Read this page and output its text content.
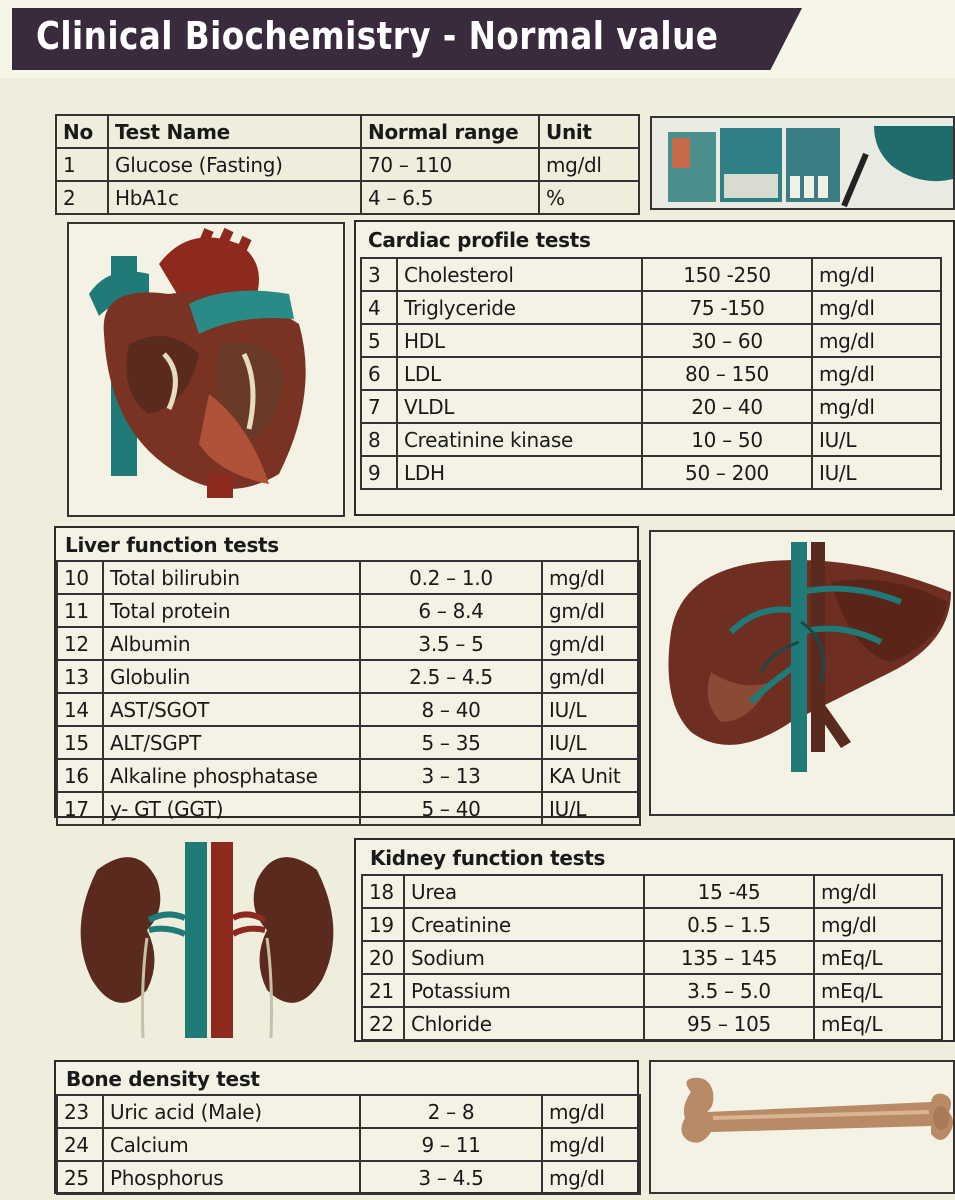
Clinical Biochemistry - Normal value
No	Test Name	Normal range	Unit
1	Glucose (Fasting)	70 – 110	mg/dl
2	HbA1c	4 – 6.5	%
Cardiac profile tests
3	Cholesterol	150 -250	mg/dl
4	Triglyceride	75 -150	mg/dl
5	HDL	30 – 60	mg/dl
6	LDL	80 – 150	mg/dl
7	VLDL	20 – 40	mg/dl
8	Creatinine kinase	10 – 50	IU/L
9	LDH	50 – 200	IU/L
Liver function tests
10	Total bilirubin	0.2 – 1.0	mg/dl
11	Total protein	6 – 8.4	gm/dl
12	Albumin	3.5 – 5	gm/dl
13	Globulin	2.5 – 4.5	gm/dl
14	AST/SGOT	8 – 40	IU/L
15	ALT/SGPT	5 – 35	IU/L
16	Alkaline phosphatase	3 – 13	KA Unit
17	y- GT (GGT)	5 – 40	IU/L
Kidney function tests
18	Urea	15 -45	mg/dl
19	Creatinine	0.5 – 1.5	mg/dl
20	Sodium	135 – 145	mEq/L
21	Potassium	3.5 – 5.0	mEq/L
22	Chloride	95 – 105	mEq/L
Bone density test
23	Uric acid (Male)	2 – 8	mg/dl
24	Calcium	9 – 11	mg/dl
25	Phosphorus	3 – 4.5	mg/dl
